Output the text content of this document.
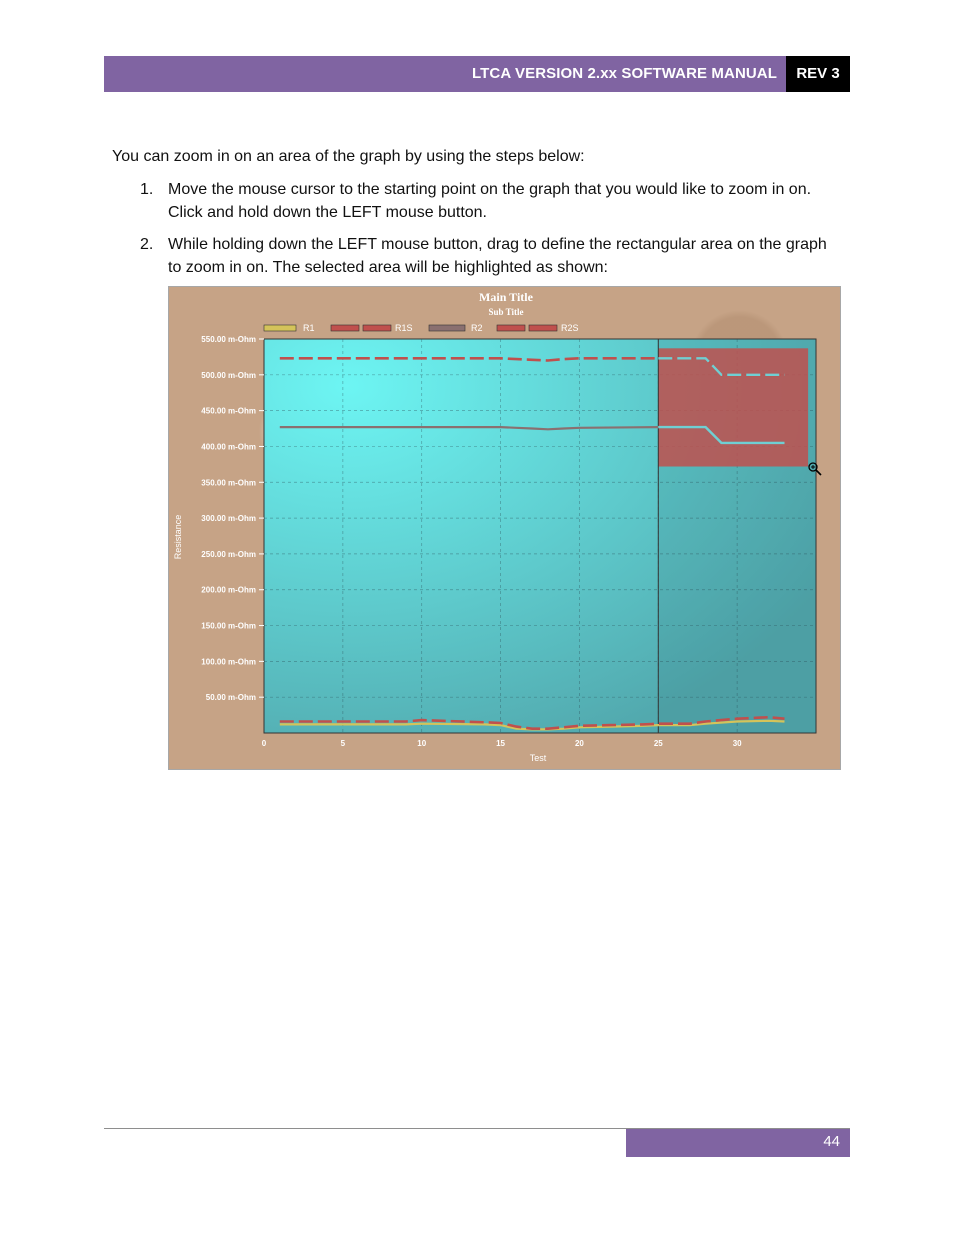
LTCA VERSION 2.xx SOFTWARE MANUAL	REV 3
You can zoom in on an area of the graph by using the steps below:
1. Move the mouse cursor to the starting point on the graph that you would like to zoom in on. Click and hold down the LEFT mouse button.
2. While holding down the LEFT mouse button, drag to define the rectangular area on the graph to zoom in on. The selected area will be highlighted as shown:
50.00 m-Ohm
100.00 m-Ohm
150.00 m-Ohm
200.00 m-Ohm
250.00 m-Ohm
300.00 m-Ohm
350.00 m-Ohm
400.00 m-Ohm
450.00 m-Ohm
500.00 m-Ohm
550.00 m-Ohm
0	5	10	15	20	25	30
Main Title
Sub Title
Test
Resistance
R1	R1S	R2	R2S
44
